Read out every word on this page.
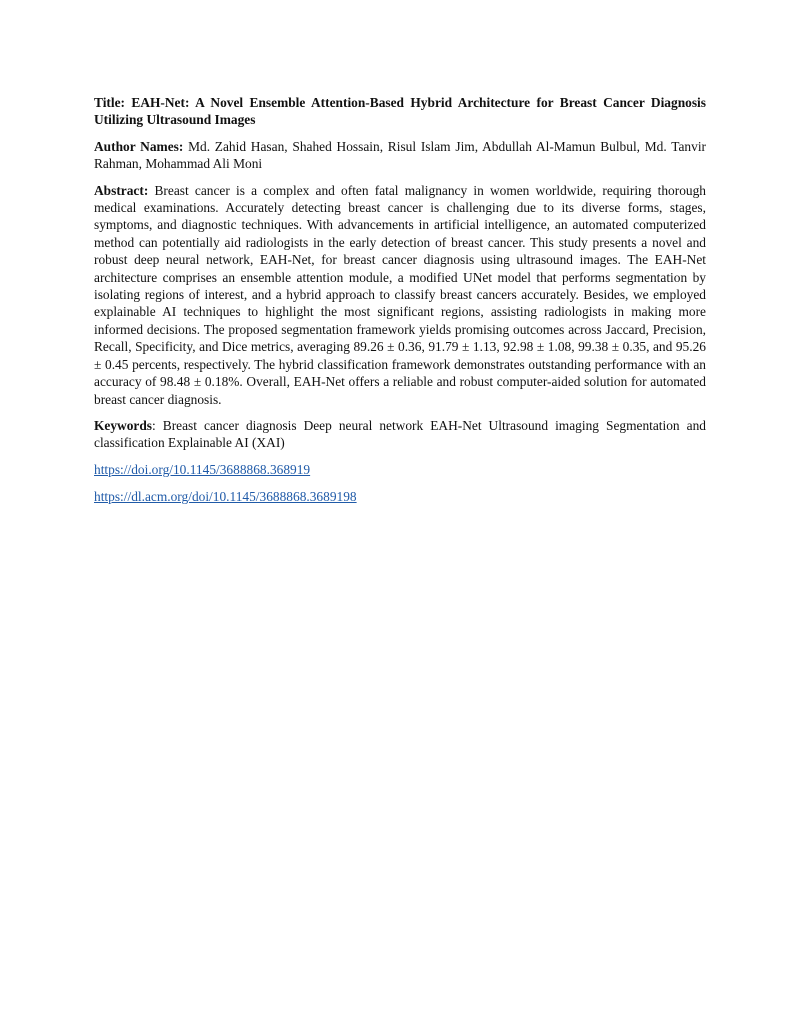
Title: EAH-Net: A Novel Ensemble Attention-Based Hybrid Architecture for Breast Cancer Diagnosis Utilizing Ultrasound Images

Author Names: Md. Zahid Hasan, Shahed Hossain, Risul Islam Jim, Abdullah Al-Mamun Bulbul, Md. Tanvir Rahman, Mohammad Ali Moni

Abstract: Breast cancer is a complex and often fatal malignancy in women worldwide, requiring thorough medical examinations. Accurately detecting breast cancer is challenging due to its diverse forms, stages, symptoms, and diagnostic techniques. With advancements in artificial intelligence, an automated computerized method can potentially aid radiologists in the early detection of breast cancer. This study presents a novel and robust deep neural network, EAH-Net, for breast cancer diagnosis using ultrasound images. The EAH-Net architecture comprises an ensemble attention module, a modified UNet model that performs segmentation by isolating regions of interest, and a hybrid approach to classify breast cancers accurately. Besides, we employed explainable AI techniques to highlight the most significant regions, assisting radiologists in making more informed decisions. The proposed segmentation framework yields promising outcomes across Jaccard, Precision, Recall, Specificity, and Dice metrics, averaging 89.26 ± 0.36, 91.79 ± 1.13, 92.98 ± 1.08, 99.38 ± 0.35, and 95.26 ± 0.45 percents, respectively. The hybrid classification framework demonstrates outstanding performance with an accuracy of 98.48 ± 0.18%. Overall, EAH-Net offers a reliable and robust computer-aided solution for automated breast cancer diagnosis.

Keywords: Breast cancer diagnosis Deep neural network EAH-Net Ultrasound imaging Segmentation and classification Explainable AI (XAI)

https://doi.org/10.1145/3688868.368919

https://dl.acm.org/doi/10.1145/3688868.3689198
